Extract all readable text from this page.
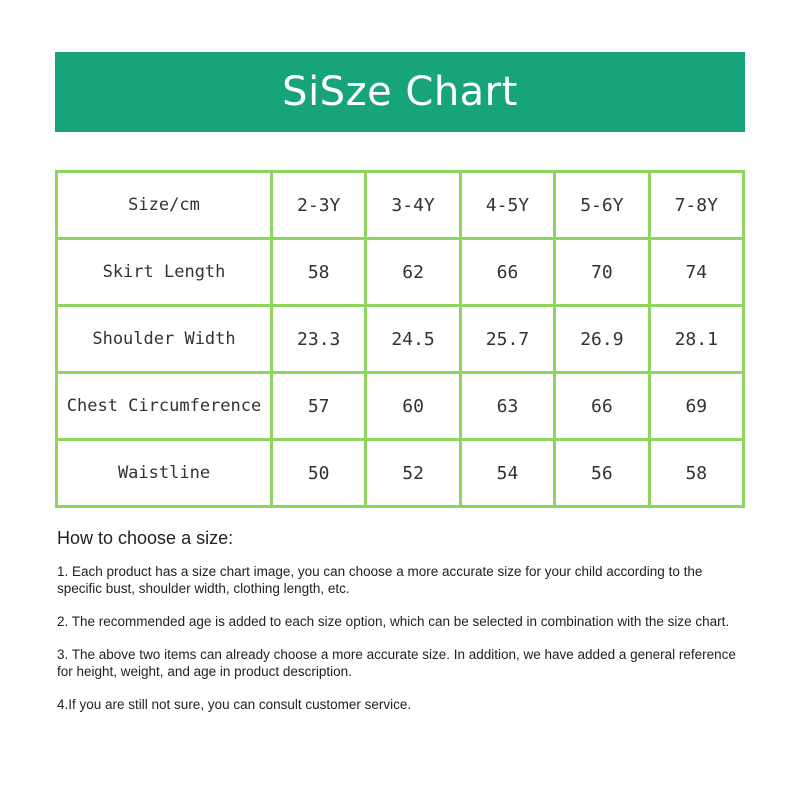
SiSze Chart
Size/cm	2-3Y	3-4Y	4-5Y	5-6Y	7-8Y
Skirt Length	58	62	66	70	74
Shoulder Width	23.3	24.5	25.7	26.9	28.1
Chest Circumference	57	60	63	66	69
Waistline	50	52	54	56	58

How to choose a size:

1. Each product has a size chart image, you can choose a more accurate size for your child according to the specific bust, shoulder width, clothing length, etc.

2. The recommended age is added to each size option, which can be selected in combination with the size chart.

3. The above two items can already choose a more accurate size. In addition, we have added a general reference for height, weight, and age in product description.

4.If you are still not sure, you can consult customer service.
